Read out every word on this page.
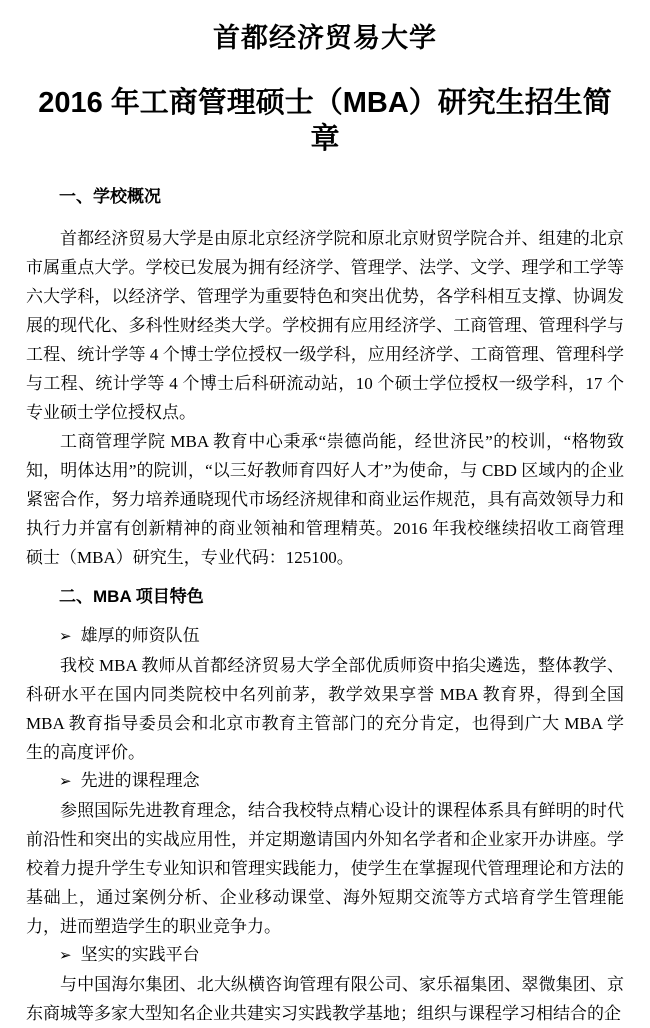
首都经济贸易大学
2016 年工商管理硕士（MBA）研究生招生简章
一、学校概况

首都经济贸易大学是由原北京经济学院和原北京财贸学院合并、组建的北京市属重点大学。学校已发展为拥有经济学、管理学、法学、文学、理学和工学等六大学科，以经济学、管理学为重要特色和突出优势，各学科相互支撑、协调发展的现代化、多科性财经类大学。学校拥有应用经济学、工商管理、管理科学与工程、统计学等 4 个博士学位授权一级学科，应用经济学、工商管理、管理科学与工程、统计学等 4 个博士后科研流动站，10 个硕士学位授权一级学科，17 个专业硕士学位授权点。

工商管理学院 MBA 教育中心秉承“崇德尚能，经世济民”的校训，“格物致知，明体达用”的院训，“以三好教师育四好人才”为使命，与 CBD 区域内的企业紧密合作，努力培养通晓现代市场经济规律和商业运作规范，具有高效领导力和执行力并富有创新精神的商业领袖和管理精英。2016 年我校继续招收工商管理硕士（MBA）研究生，专业代码：125100。

二、MBA 项目特色
➢ 雄厚的师资队伍

我校 MBA 教师从首都经济贸易大学全部优质师资中掐尖遴选，整体教学、科研水平在国内同类院校中名列前茅，教学效果享誉 MBA 教育界，得到全国 MBA 教育指导委员会和北京市教育主管部门的充分肯定，也得到广大 MBA 学生的高度评价。

➢ 先进的课程理念

参照国际先进教育理念，结合我校特点精心设计的课程体系具有鲜明的时代前沿性和突出的实战应用性，并定期邀请国内外知名学者和企业家开办讲座。学校着力提升学生专业知识和管理实践能力，使学生在掌握现代管理理论和方法的基础上，通过案例分析、企业移动课堂、海外短期交流等方式培育学生管理能力，进而塑造学生的职业竞争力。

➢ 坚实的实践平台

与中国海尔集团、北大纵横咨询管理有限公司、家乐福集团、翠微集团、京东商城等多家大型知名企业共建实习实践教学基地；组织与课程学习相结合的企
